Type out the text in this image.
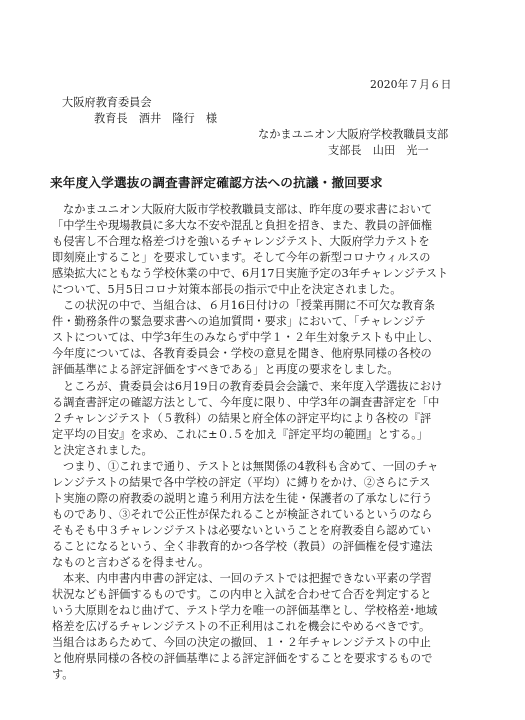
2020年７月６日
大阪府教育委員会
教育長　酒井　隆行　様
なかまユニオン大阪府学校教職員支部
支部長　山田　光一
来年度入学選抜の調査書評定確認方法への抗議・撤回要求
なかまユニオン大阪府大阪市学校教職員支部は、昨年度の要求書において
「中学生や現場教員に多大な不安や混乱と負担を招き、また、教員の評価権
も侵害し不合理な格差づけを強いるチャレンジテスト、大阪府学力テストを
即刻廃止すること」を要求しています。そして今年の新型コロナウィルスの
感染拡大にともなう学校休業の中で、6月17日実施予定の3年チャレンジテスト
について、5月5日コロナ対策本部長の指示で中止を決定されました。
この状況の中で、当組合は、６月16日付けの「授業再開に不可欠な教育条
件・勤務条件の緊急要求書への追加質問・要求」において、「チャレンジテ
ストについては、中学3年生のみならず中学１・２年生対象テストも中止し、
今年度については、各教育委員会・学校の意見を聞き、他府県同様の各校の
評価基準による評定評価をすべきである」と再度の要求をしました。
ところが、貴委員会は6月19日の教育委員会会議で、来年度入学選抜におけ
る調査書評定の確認方法として、今年度に限り、中学3年の調査書評定を「中
２チャレンジテスト（５教科）の結果と府全体の評定平均により各校の『評
定平均の目安』を求め、これに±０.５を加え『評定平均の範囲』とする。」
と決定されました。
つまり、①これまで通り、テストとは無関係の4教科も含めて、一回のチャ
レンジテストの結果で各中学校の評定（平均）に縛りをかけ、②さらにテス
ト実施の際の府教委の説明と違う利用方法を生徒・保護者の了承なしに行う
ものであり、③それで公正性が保たれることが検証されているというのなら
そもそも中３チャレンジテストは必要ないということを府教委自ら認めてい
ることになるという、全く非教育的かつ各学校（教員）の評価権を侵す違法
なものと言わざるを得ません。
本来、内申書内申書の評定は、一回のテストでは把握できない平素の学習
状況なども評価するものです。この内申と入試を合わせて合否を判定すると
いう大原則をねじ曲げて、テスト学力を唯一の評価基準とし、学校格差･地域
格差を広げるチャレンジテストの不正利用はこれを機会にやめるべきです。
当組合はあらためて、今回の決定の撤回、１・２年チャレンジテストの中止
と他府県同様の各校の評価基準による評定評価をすることを要求するもので
す。
